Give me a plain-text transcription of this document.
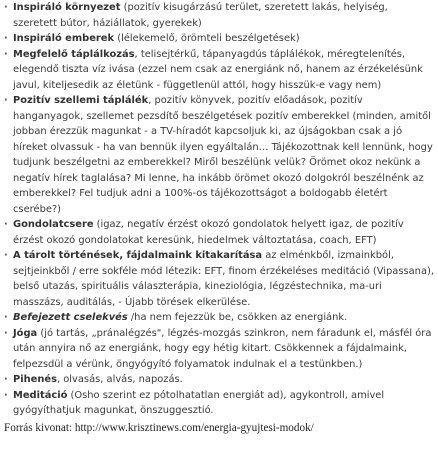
· Inspiráló környezet (pozitív kisugárzású terület, szeretett lakás, helyiség, szeretett bútor, háziállatok, gyerekek)
· Inspiráló emberek (lélekemelő, örömteli beszélgetések)
· Megfelelő táplálkozás, telisejtérkű, tápanyagdús táplálékok, méregtelenítés, elegendő tiszta víz ivása (ezzel nem csak az energiánk nő, hanem az érzékelésünk javul, kiteljesedik az életünk - függetlenül attól, hogy hisszük-e vagy nem)
· Pozitív szellemi táplálék, pozitív könyvek, pozitív előadások, pozitív hanganyagok, szellemet pezsdítő beszélgetések pozitív emberekkel (minden, amitől jobban érezzük magunkat - a TV-híradót kapcsoljuk ki, az újságokban csak a jó híreket olvassuk - ha van bennük ilyen egyáltalán… Tájékozottnak kell lennünk, hogy tudjunk beszélgetni az emberekkel? Miről beszélünk velük? Örömet okoz nekünk a negatív hírek taglalása? Mi lenne, ha inkább örömet okozó dolgokról beszélnénk az emberekkel? Fel tudjuk adni a 100%-os tájékozottságot a boldogabb életért cserébe?)
· Gondolatcsere (igaz, negatív érzést okozó gondolatok helyett igaz, de pozitív érzést okozó gondolatokat keresünk, hiedelmek változtatása, coach, EFT)
· A tárolt történések, fájdalmaink kitakarítása az elménkből, izmainkból, sejtjeinkből / erre sokféle mód létezik: EFT, finom érzékeléses meditáció (Vipassana), belső utazás, spirituális választerápia, kineziológia, légzéstechnika, ma-uri masszázs, auditálás, - Újabb törések elkerülése.
· Befejezett cselekvés /ha nem fejezzük be, csökken az energiánk.
· Jóga (jó tartás, „pránalégzés", légzés-mozgás szinkron, nem fáradunk el, másfél óra után annyira nő az energiánk, hogy egy hétig kitart. Csökkennek a fájdalmaink, felpezsdül a vérünk, öngyógyító folyamatok indulnak el a testünkben.)
· Pihenés, olvasás, alvás, napozás.
· Meditáció (Osho szerint ez pótolhatatlan energiát ad), agykontroll, amivel gyógyíthatjuk magunkat, önszuggesztió.
Forrás kivonat: http://www.krisztinews.com/energia-gyujtesi-modok/
